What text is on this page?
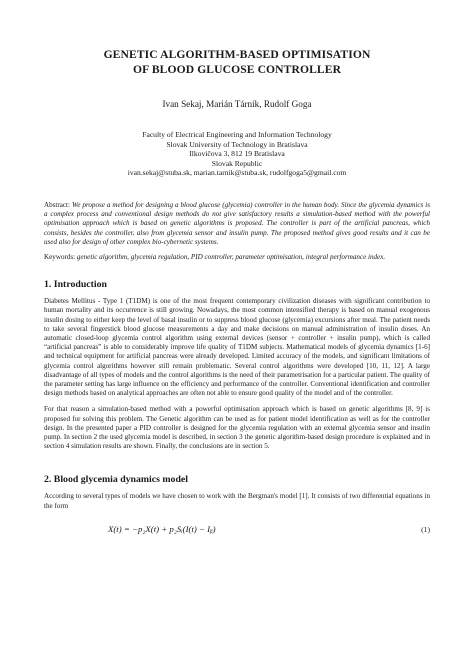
GENETIC ALGORITHM-BASED OPTIMISATION
OF BLOOD GLUCOSE CONTROLLER
Ivan Sekaj, Marián Tárník, Rudolf Goga
Faculty of Electrical Engineering and Information Technology
Slovak University of Technology in Bratislava
Ilkovičova 3, 812 19 Bratislava
Slovak Republic
ivan.sekaj@stuba.sk, marian.tarnik@stuba.sk, rudolfgoga5@gmail.com
Abstract: We propose a method for designing a blood glucose (glycemia) controller in the human body. Since the glycemia dynamics is a complex process and conventional design methods do not give satisfactory results a simulation-based method with the powerful optimisation approach which is based on genetic algorithms is proposed. The controller is part of the artificial pancreas, which consists, besides the controller, also from glycemia sensor and insulin pump. The proposed method gives good results and it can be used also for design of other complex bio-cybernetic systems.
Keywords: genetic algorithm, glycemia regulation, PID controller, parameter optimisation, integral performance index.
1. Introduction

Diabetes Mellitus - Type 1 (T1DM) is one of the most frequent contemporary civilization diseases with significant contribution to human mortality and its occurrence is still growing. Nowadays, the most common intensified therapy is based on manual exogenous insulin dosing to either keep the level of basal insulin or to suppress blood glucose (glycemia) excursions after meal. The patient needs to take several fingerstick blood glucose measurements a day and make decisions on manual administration of insulin doses. An automatic closed-loop glycemia control algorithm using external devices (sensor + controller + insulin pump), which is called “artificial pancreas” is able to considerably improve life quality of T1DM subjects. Mathematical models of glycemia dynamics [1-6] and technical equipment for artificial pancreas were already developed. Limited accuracy of the models, and significant limitations of glycemia control algorithms however still remain problematic. Several control algorithms were developed [10, 11, 12]. A large disadvantage of all types of models and the control algorithms is the need of their parametrisation for a particular patient. The quality of the parameter setting has large influence on the efficiency and performance of the controller. Conventional identification and controller design methods based on analytical approaches are often not able to ensure good quality of the model and of the controller.

For that reason a simulation-based method with a powerful optimisation approach which is based on genetic algorithms [8, 9] is proposed for solving this problem. The Genetic algorithm can be used as for patient model identification as well as for the controller design. In the presented paper a PID controller is designed for the glycemia regulation with an external glycemia sensor and insulin pump. In section 2 the used glycemia model is described, in section 3 the genetic algorithm-based design procedure is explained and in section 4 simulation results are shown. Finally, the conclusions are in section 5.

2. Blood glycemia dynamics model

According to several types of models we have chosen to work with the Bergman's model [1]. It consists of two differential equations in the form

X(t) = −p₂X(t) + p₂Sᵢ(I(t) − Iᵦ)	(1)
